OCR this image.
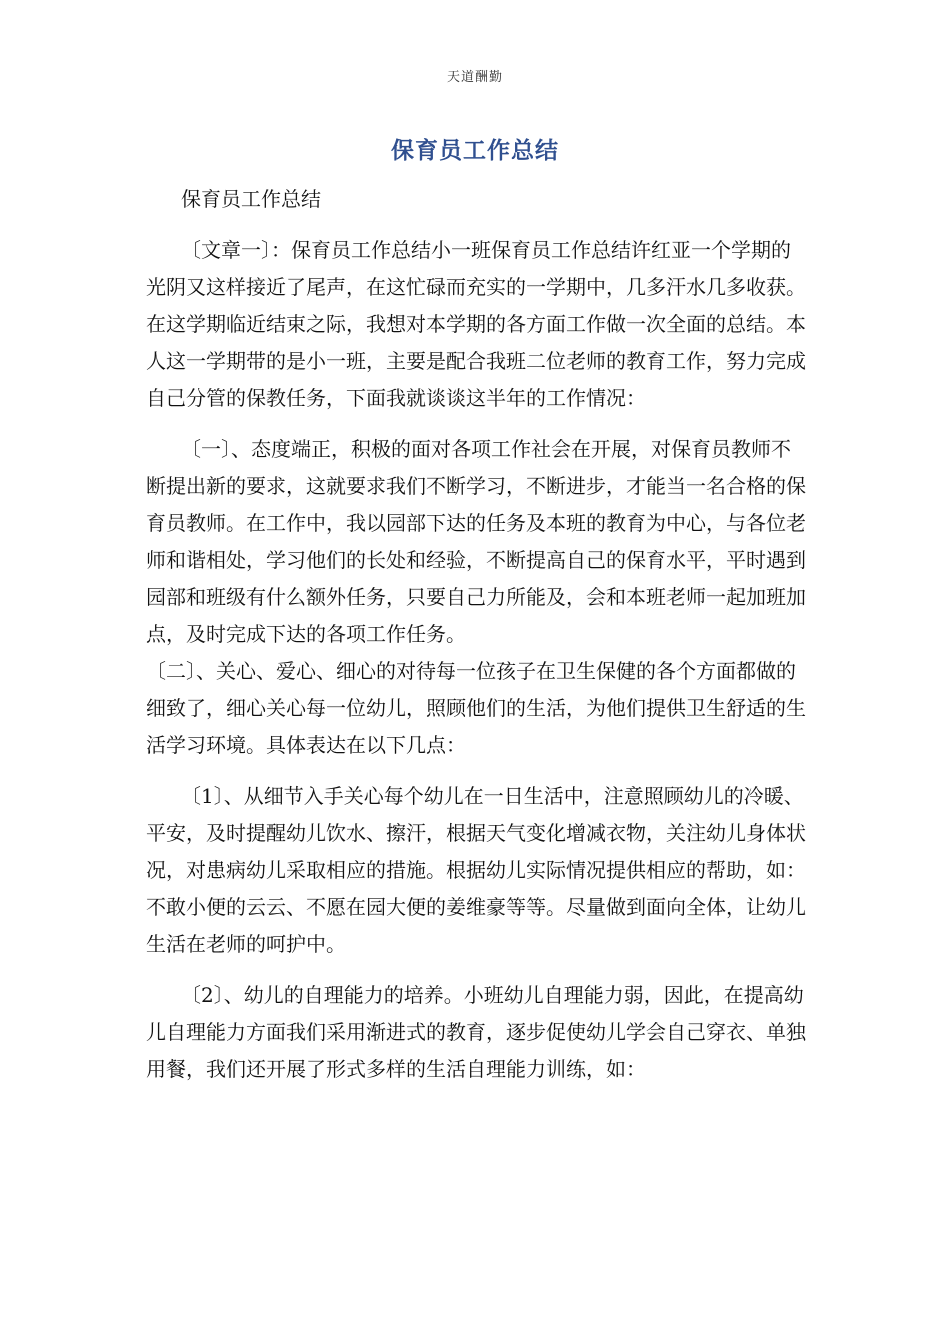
天道酬勤
保育员工作总结

保育员工作总结

〔文章一〕：保育员工作总结小一班保育员工作总结许红亚一个学期的光阴又这样接近了尾声，在这忙碌而充实的一学期中，几多汗水几多收获。在这学期临近结束之际，我想对本学期的各方面工作做一次全面的总结。本人这一学期带的是小一班，主要是配合我班二位老师的教育工作，努力完成自己分管的保教任务，下面我就谈谈这半年的工作情况：

〔一〕、态度端正，积极的面对各项工作社会在开展，对保育员教师不断提出新的要求，这就要求我们不断学习，不断进步，才能当一名合格的保育员教师。在工作中，我以园部下达的任务及本班的教育为中心，与各位老师和谐相处，学习他们的长处和经验，不断提高自己的保育水平，平时遇到园部和班级有什么额外任务，只要自己力所能及，会和本班老师一起加班加点，及时完成下达的各项工作任务。

〔二〕、关心、爱心、细心的对待每一位孩子在卫生保健的各个方面都做的细致了，细心关心每一位幼儿，照顾他们的生活，为他们提供卫生舒适的生活学习环境。具体表达在以下几点：

〔1〕、从细节入手关心每个幼儿在一日生活中，注意照顾幼儿的冷暖、平安，及时提醒幼儿饮水、擦汗，根据天气变化增减衣物，关注幼儿身体状况，对患病幼儿采取相应的措施。根据幼儿实际情况提供相应的帮助，如：不敢小便的云云、不愿在园大便的姜维豪等等。尽量做到面向全体，让幼儿生活在老师的呵护中。

〔2〕、幼儿的自理能力的培养。小班幼儿自理能力弱，因此，在提高幼儿自理能力方面我们采用渐进式的教育，逐步促使幼儿学会自己穿衣、单独用餐，我们还开展了形式多样的生活自理能力训练，如：
